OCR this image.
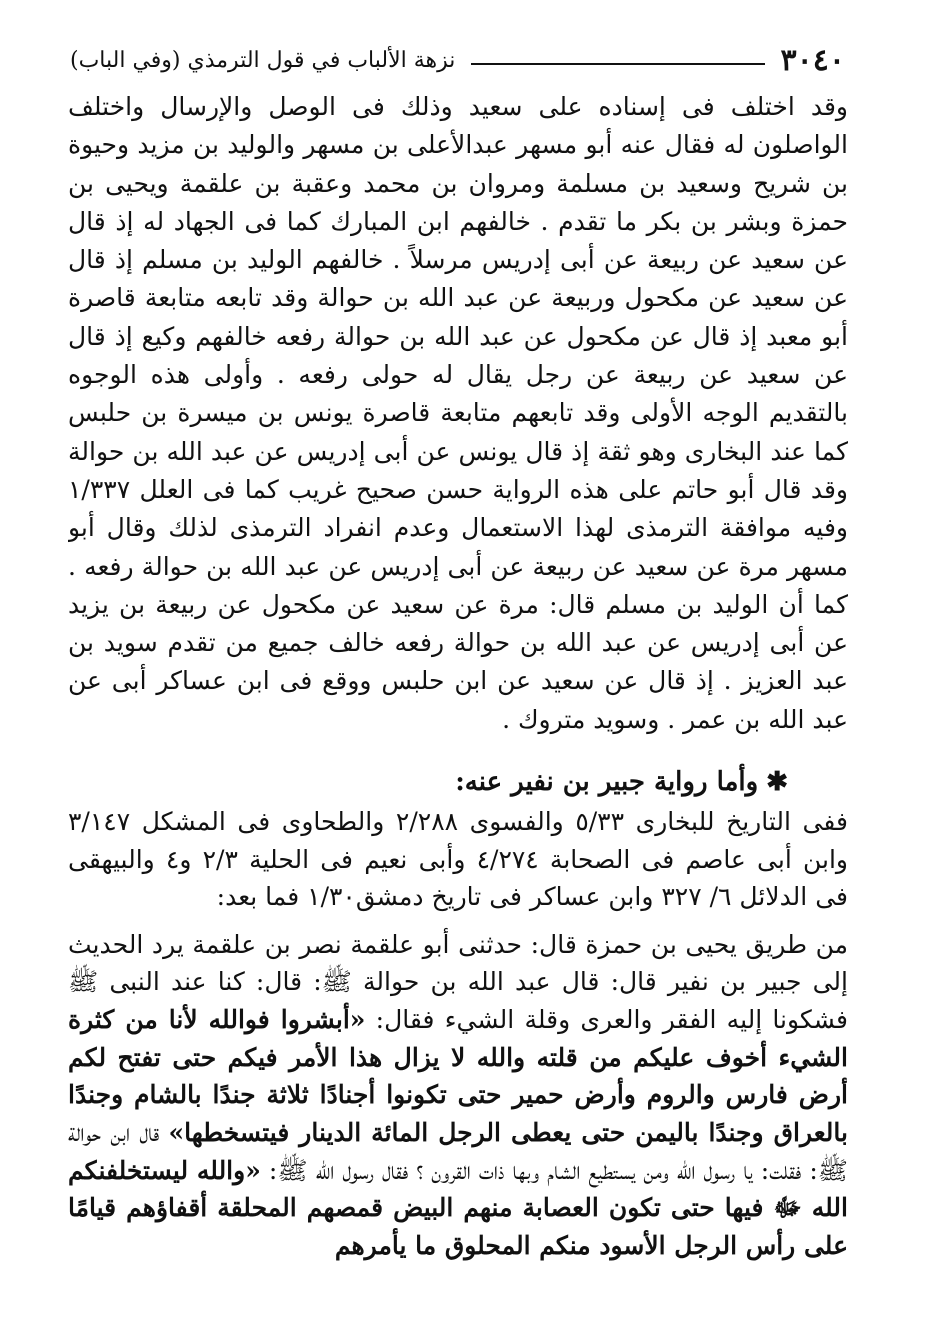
٣٠٤٠
نزهة الألباب في قول الترمذي (وفي الباب)

وقد اختلف فى إسناده على سعيد وذلك فى الوصل والإرسال واختلف الواصلون له فقال عنه أبو مسهر عبدالأعلى بن مسهر والوليد بن مزيد وحيوة بن شريح وسعيد بن مسلمة ومروان بن محمد وعقبة بن علقمة ويحيى بن حمزة وبشر بن بكر ما تقدم . خالفهم ابن المبارك كما فى الجهاد له إذ قال عن سعيد عن ربيعة عن أبى إدريس مرسلاً . خالفهم الوليد بن مسلم إذ قال عن سعيد عن مكحول وربيعة عن عبد الله بن حوالة وقد تابعه متابعة قاصرة أبو معبد إذ قال عن مكحول عن عبد الله بن حوالة رفعه خالفهم وكيع إذ قال عن سعيد عن ربيعة عن رجل يقال له حولى رفعه . وأولى هذه الوجوه بالتقديم الوجه الأولى وقد تابعهم متابعة قاصرة يونس بن ميسرة بن حلبس كما عند البخارى وهو ثقة إذ قال يونس عن أبى إدريس عن عبد الله بن حوالة وقد قال أبو حاتم على هذه الرواية حسن صحيح غريب كما فى العلل ١/٣٣٧ وفيه موافقة الترمذى لهذا الاستعمال وعدم انفراد الترمذى لذلك وقال أبو مسهر مرة عن سعيد عن ربيعة عن أبى إدريس عن عبد الله بن حوالة رفعه . كما أن الوليد بن مسلم قال: مرة عن سعيد عن مكحول عن ربيعة بن يزيد عن أبى إدريس عن عبد الله بن حوالة رفعه خالف جميع من تقدم سويد بن عبد العزيز . إذ قال عن سعيد عن ابن حلبس ووقع فى ابن عساكر أبى عن عبد الله بن عمر . وسويد متروك .

✱وأما رواية جبير بن نفير عنه:

ففى التاريخ للبخارى ٥/٣٣ والفسوى ٢/٢٨٨ والطحاوى فى المشكل ٣/١٤٧ وابن أبى عاصم فى الصحابة ٤/٢٧٤ وأبى نعيم فى الحلية ٢/٣ و٤ والبيهقى فى الدلائل ٦/ ٣٢٧ وابن عساكر فى تاريخ دمشق١/٣٠ فما بعد:

من طريق يحيى بن حمزة قال: حدثنى أبو علقمة نصر بن علقمة يرد الحديث إلى جبير بن نفير قال: قال عبد الله بن حوالة ﷺ: قال: كنا عند النبى ﷺ فشكونا إليه الفقر والعرى وقلة الشيء فقال: «أبشروا فوالله لأنا من كثرة الشيء أخوف عليكم من قلته والله لا يزال هذا الأمر فيكم حتى تفتح لكم أرض فارس والروم وأرض حمير حتى تكونوا أجنادًا ثلاثة جندًا بالشام وجندًا بالعراق وجندًا باليمن حتى يعطى الرجل المائة الدينار فيتسخطها» قال ابن حوالة ﷺ: فقلت: يا رسول الله ومن يستطيع الشام وبها ذات القرون ؟ فقال رسول الله ﷺ: «والله ليستخلفنكم الله ﷻ فيها حتى تكون العصابة منهم البيض قمصهم المحلقة أقفاؤهم قيامًا على رأس الرجل الأسود منكم المحلوق ما يأمرهم
